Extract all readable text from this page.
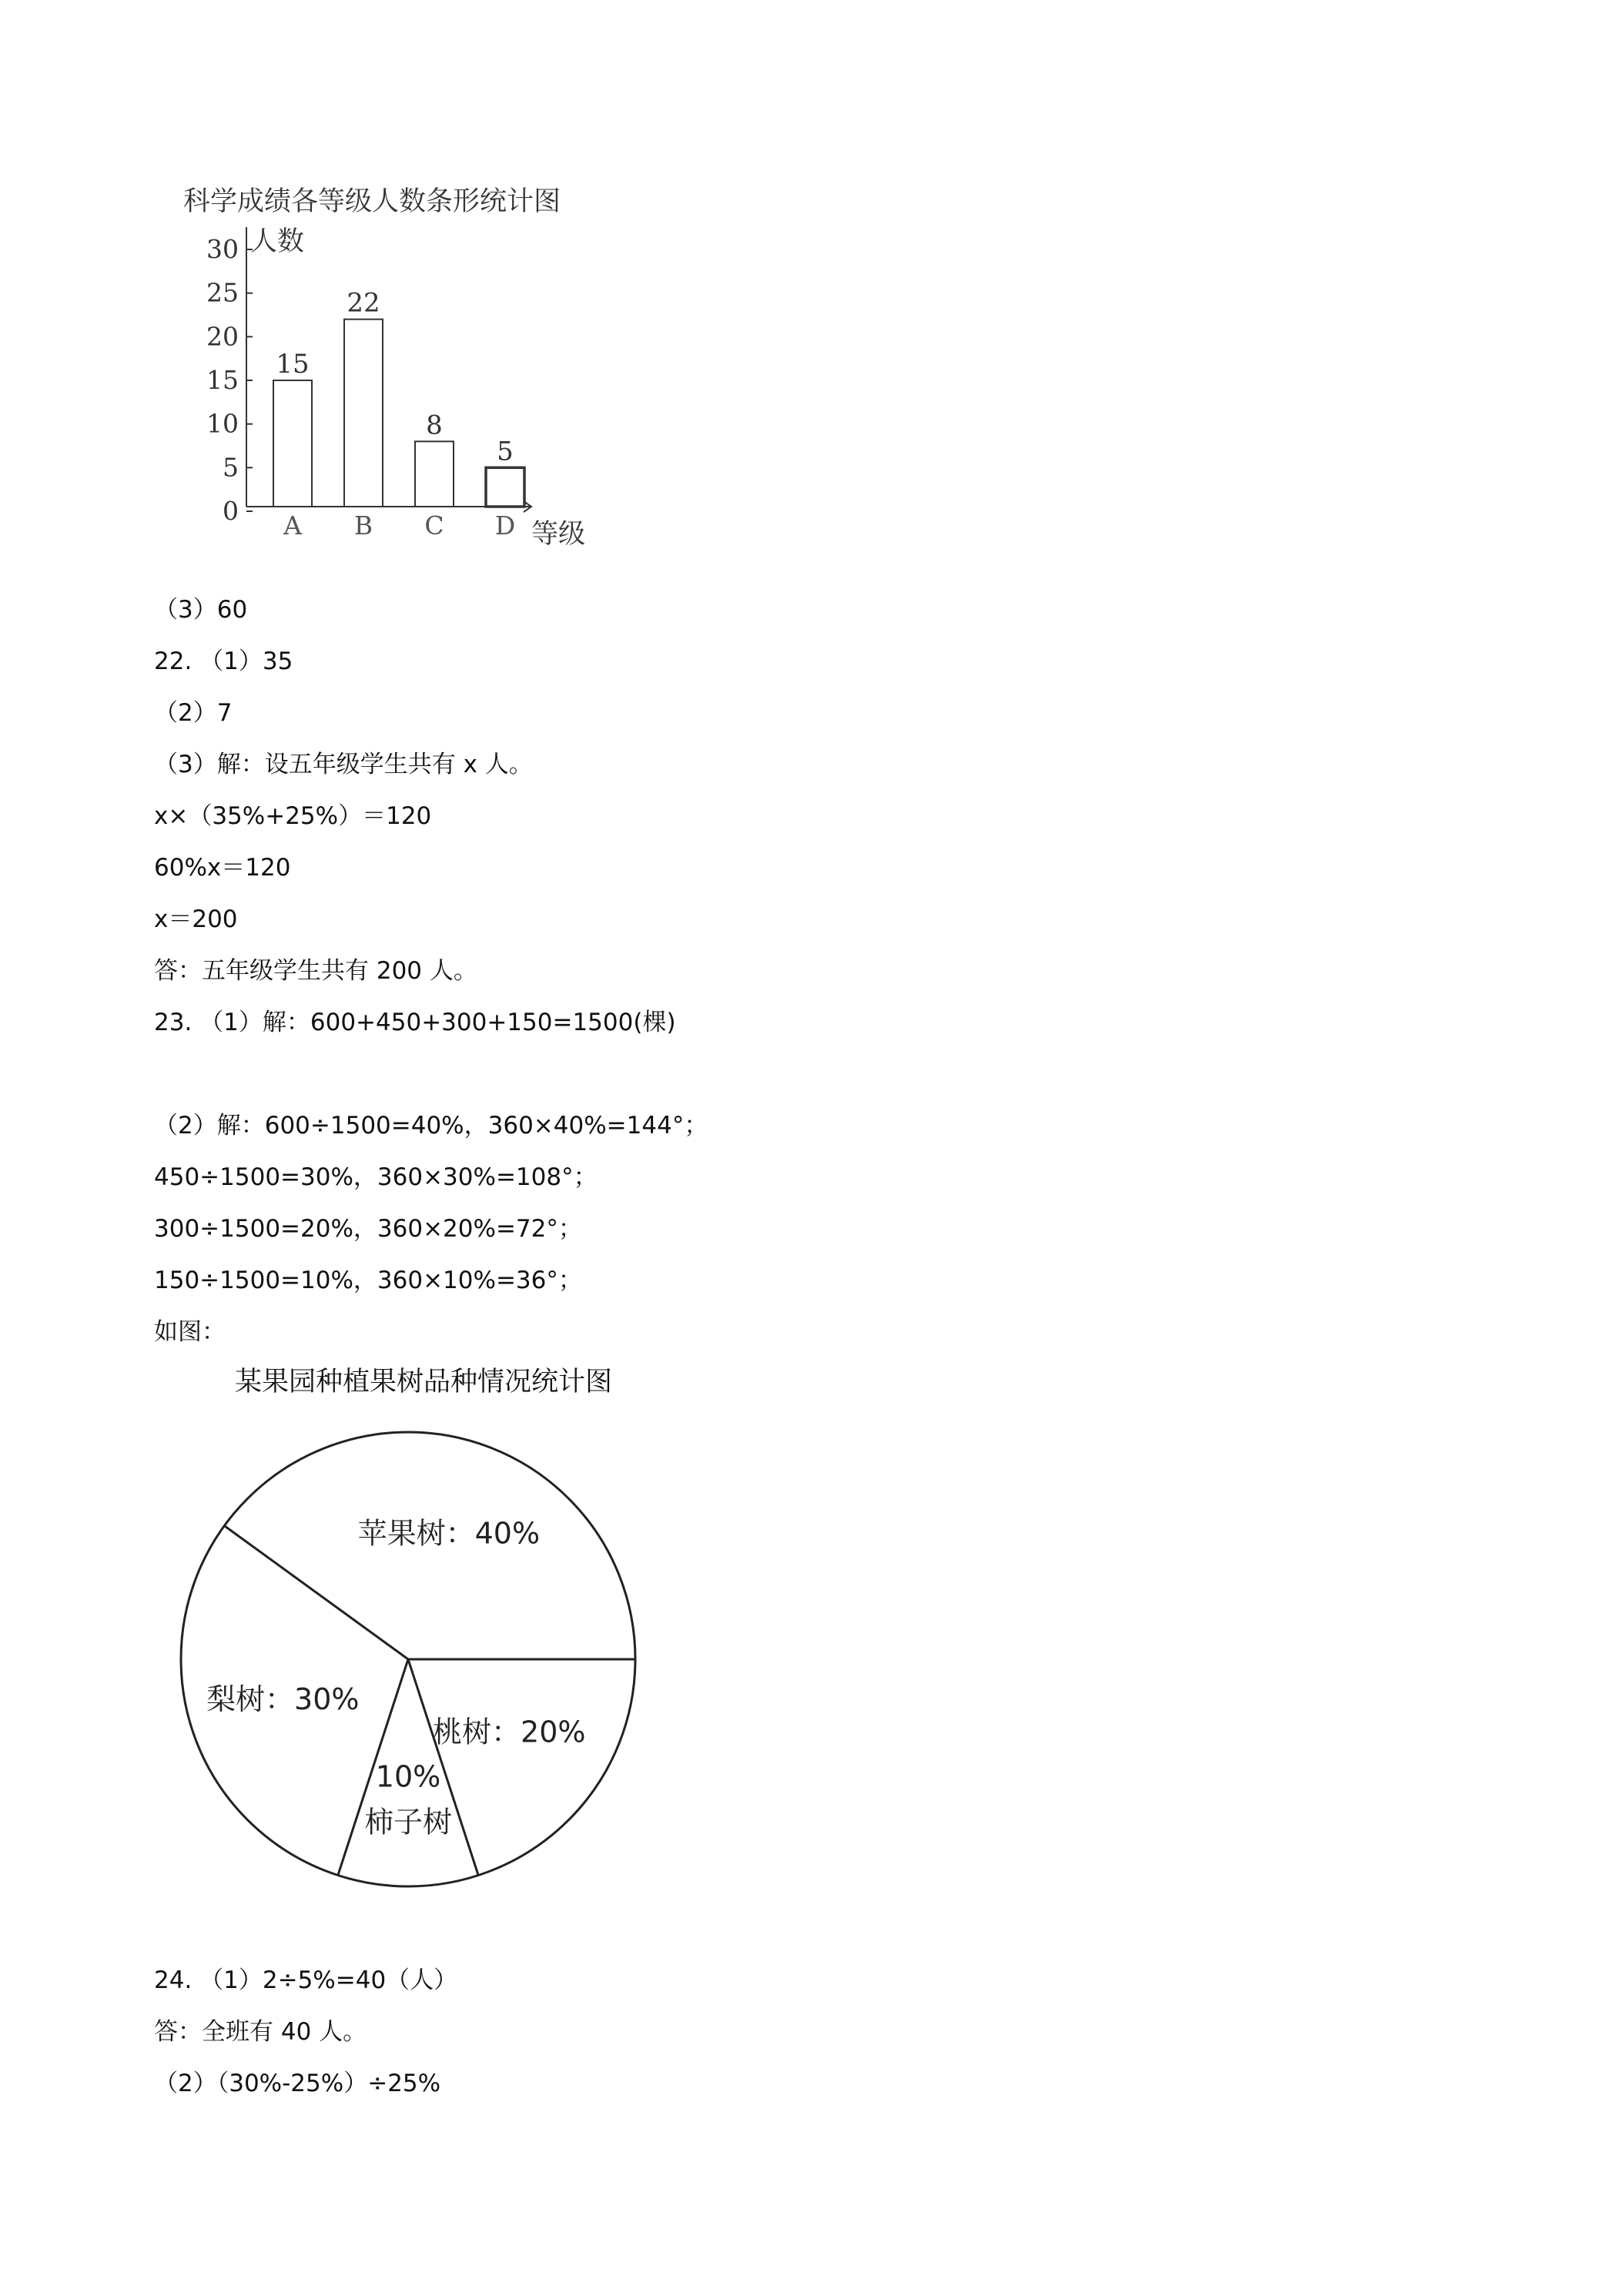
科学成绩各等级人数条形统计图
人数
等级
0
5
10
15
20
25
30
A B C D
15
22
8
5
（3）60
22. （1）35
（2）7
（3）解：设五年级学生共有 x 人。
x×（35%+25%）＝120
60%x＝120
x＝200
答：五年级学生共有 200 人。
23. （1）解：600+450+300+150=1500(棵)
（2）解：600÷1500=40%，360×40%=144°；
450÷1500=30%，360×30%=108°；
300÷1500=20%，360×20%=72°；
150÷1500=10%，360×10%=36°；
如图：
某果园种植果树品种情况统计图
苹果树：40%
梨树：30%
10%
柿子树
桃树：20%
24. （1）2÷5%=40（人）
答：全班有 40 人。
（2）（30%-25%）÷25%
